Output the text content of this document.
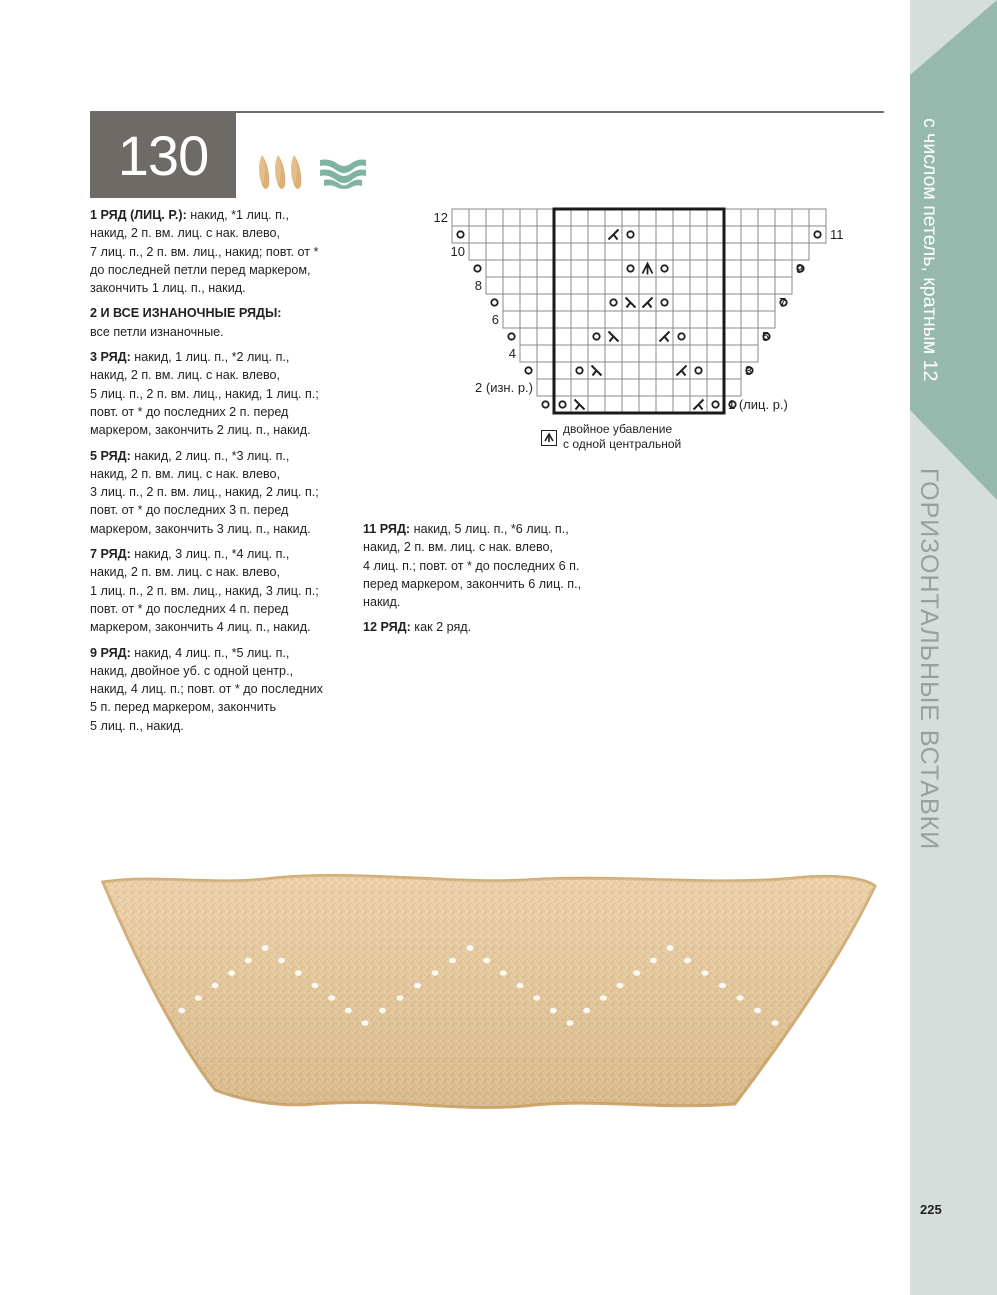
с числом петель, кратным 12
ГОРИЗОНТАЛЬНЫЕ ВСТАВКИ
130

1 РЯД (ЛИЦ. Р.): накид, *1 лиц. п.,

накид, 2 п. вм. лиц. с нак. влево,

7 лиц. п., 2 п. вм. лиц., накид; повт. от *

до последней петли перед маркером,

закончить 1 лиц. п., накид.

2 И ВСЕ ИЗНАНОЧНЫЕ РЯДЫ:

все петли изнаночные.

3 РЯД: накид, 1 лиц. п., *2 лиц. п.,

накид, 2 п. вм. лиц. с нак. влево,

5 лиц. п., 2 п. вм. лиц., накид, 1 лиц. п.;

повт. от * до последних 2 п. перед

маркером, закончить 2 лиц. п., накид.

5 РЯД: накид, 2 лиц. п., *3 лиц. п.,

накид, 2 п. вм. лиц. с нак. влево,

3 лиц. п., 2 п. вм. лиц., накид, 2 лиц. п.;

повт. от * до последних 3 п. перед

маркером, закончить 3 лиц. п., накид.

7 РЯД: накид, 3 лиц. п., *4 лиц. п.,

накид, 2 п. вм. лиц. с нак. влево,

1 лиц. п., 2 п. вм. лиц., накид, 3 лиц. п.;

повт. от * до последних 4 п. перед

маркером, закончить 4 лиц. п., накид.

9 РЯД: накид, 4 лиц. п., *5 лиц. п.,

накид, двойное уб. с одной центр.,

накид, 4 лиц. п.; повт. от * до последних

5 п. перед маркером, закончить

5 лиц. п., накид.

11 РЯД: накид, 5 лиц. п., *6 лиц. п.,

накид, 2 п. вм. лиц. с нак. влево,

4 лиц. п.; повт. от * до последних 6 п.

перед маркером, закончить 6 лиц. п.,

накид.

12 РЯД: как 2 ряд.

12
10
8
6
4
2 (изн. р.)
11
9
7
5
3
1 (лиц. р.)
двойное убавление
с одной центральной
225
